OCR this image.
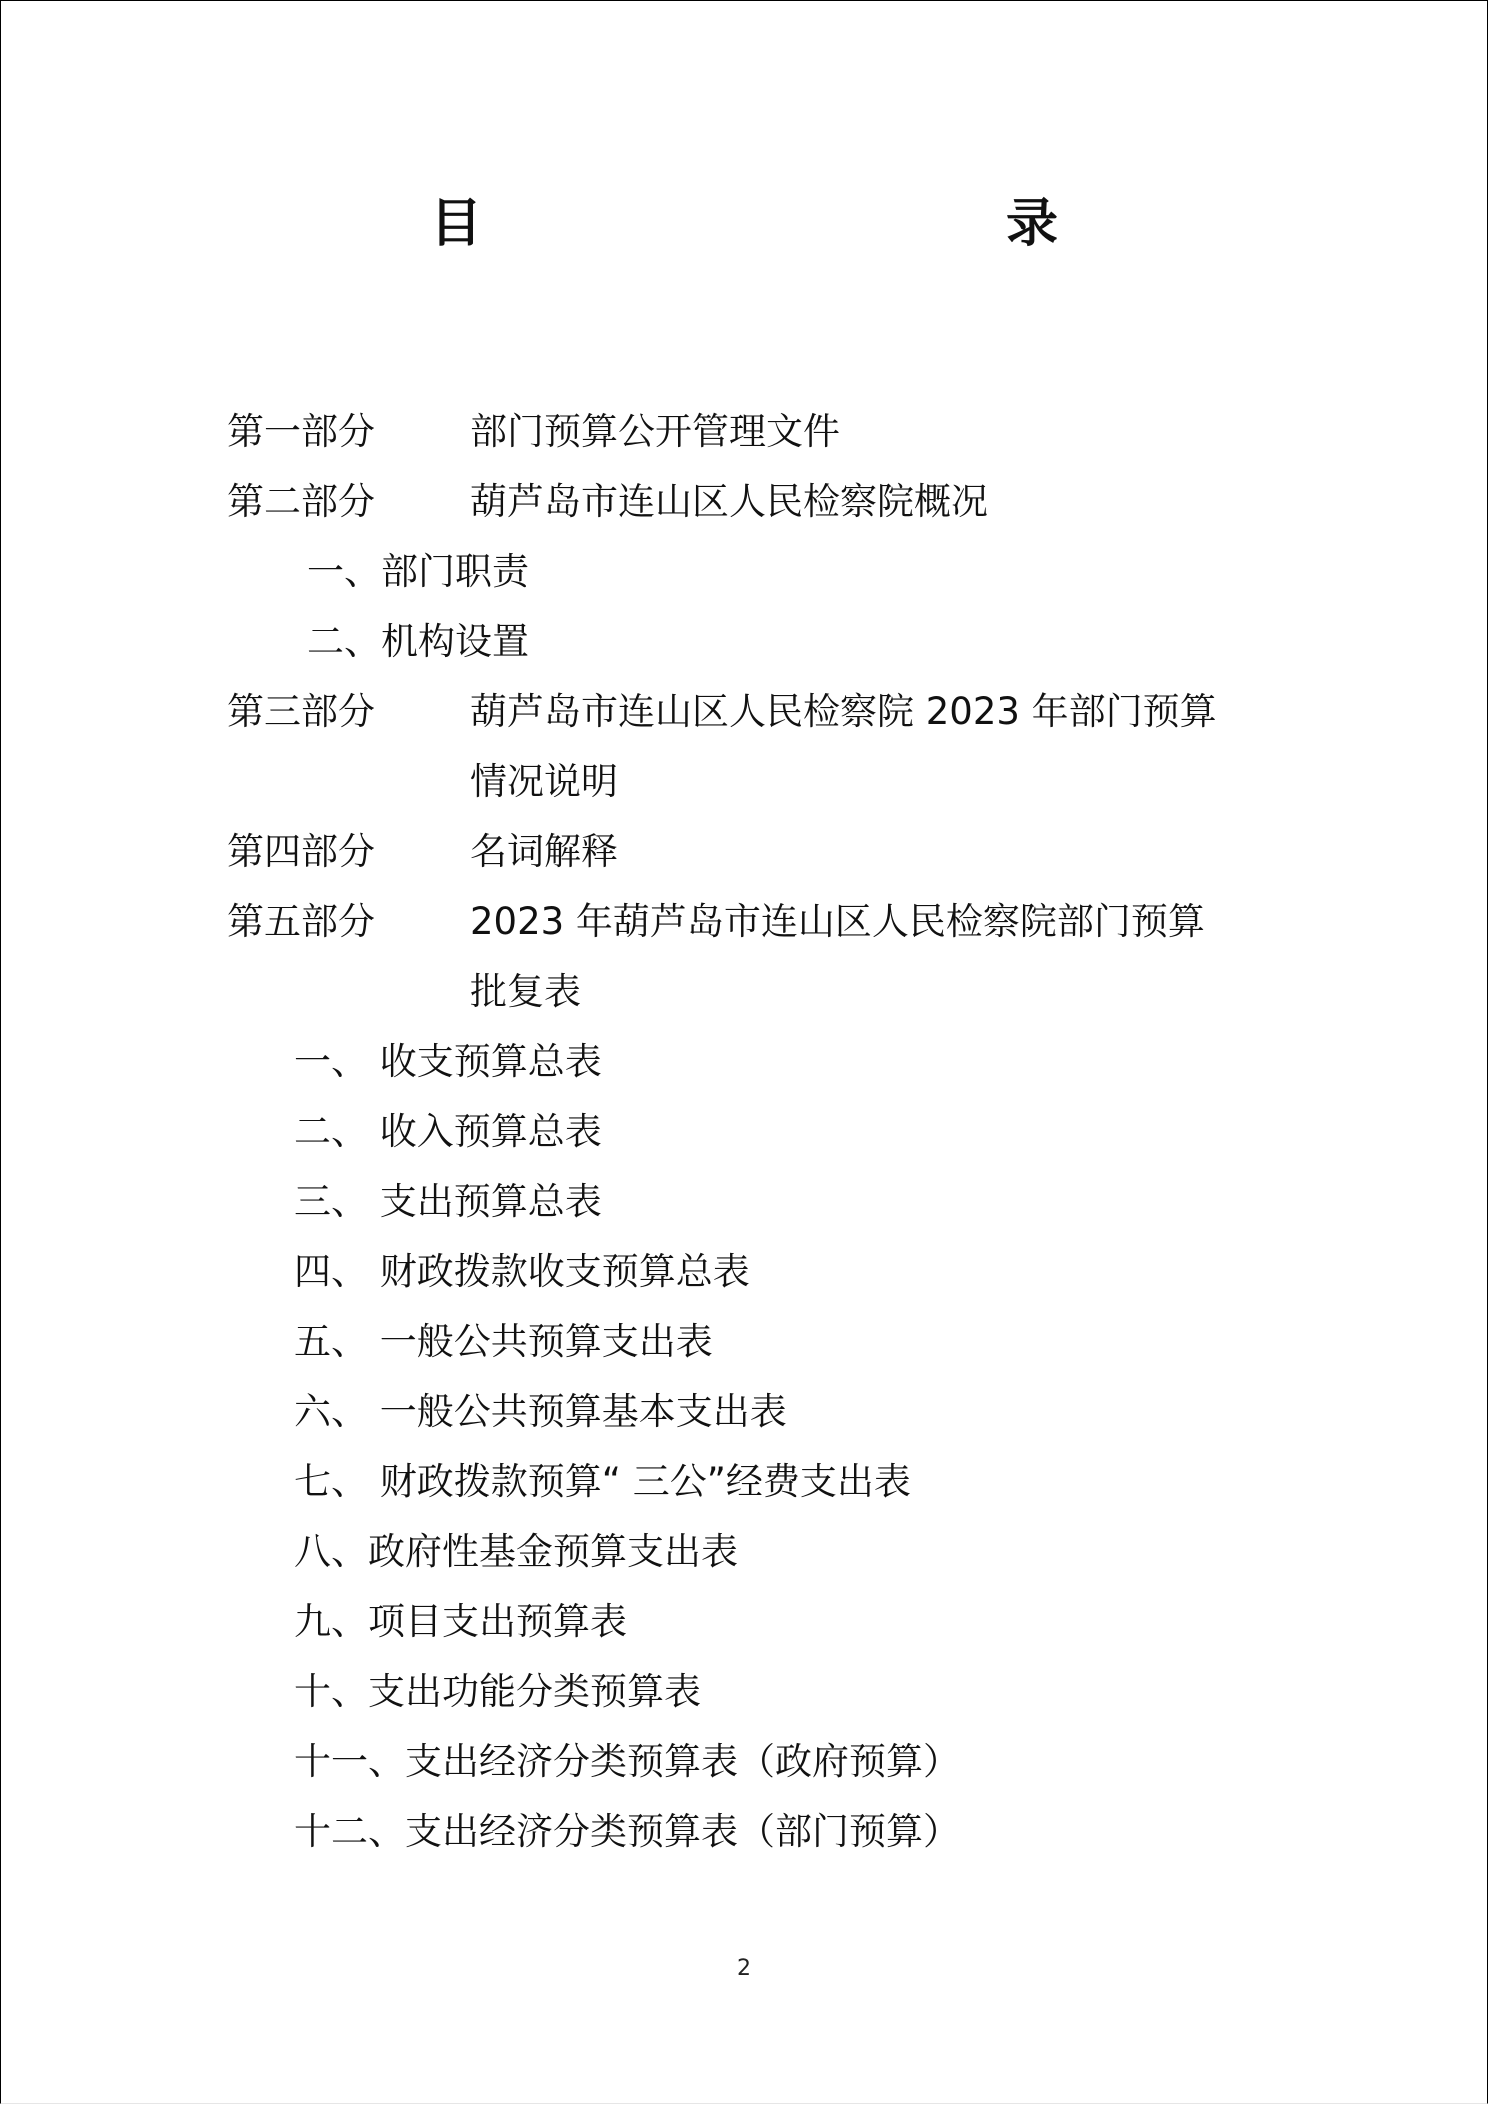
目　　录
第一部分	部门预算公开管理文件
第二部分	葫芦岛市连山区人民检察院概况
一、部门职责
二、机构设置
第三部分	葫芦岛市连山区人民检察院 2023 年部门预算
情况说明
第四部分	名词解释
第五部分	2023 年葫芦岛市连山区人民检察院部门预算
批复表
一、 收支预算总表
二、 收入预算总表
三、 支出预算总表
四、 财政拨款收支预算总表
五、 一般公共预算支出表
六、 一般公共预算基本支出表
七、 财政拨款预算“ 三公”经费支出表
八、政府性基金预算支出表
九、项目支出预算表
十、支出功能分类预算表
十一、支出经济分类预算表（政府预算）
十二、支出经济分类预算表（部门预算）
2
